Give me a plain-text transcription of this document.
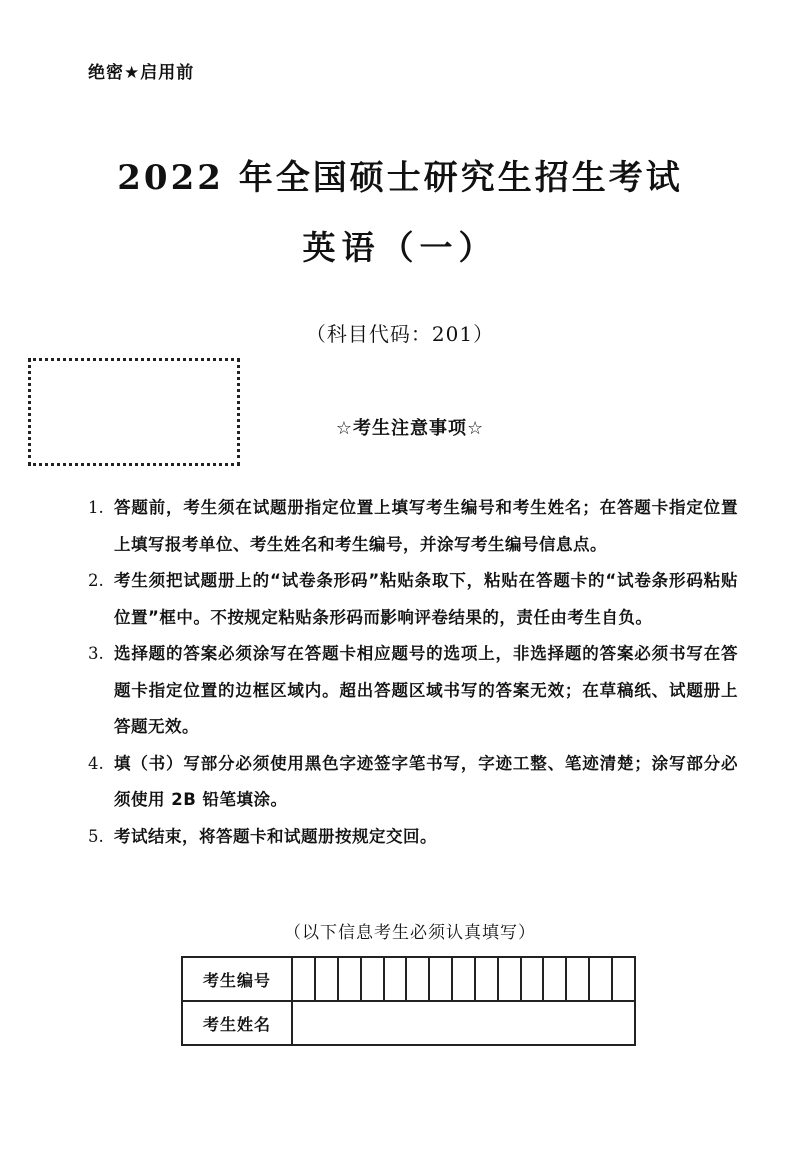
绝密★启用前
2022 年全国硕士研究生招生考试
英语（一）
（科目代码：201）
☆考生注意事项☆
1. 答题前，考生须在试题册指定位置上填写考生编号和考生姓名；在答题卡指定位置上填写报考单位、考生姓名和考生编号，并涂写考生编号信息点。
2. 考生须把试题册上的“试卷条形码”粘贴条取下，粘贴在答题卡的“试卷条形码粘贴位置”框中。不按规定粘贴条形码而影响评卷结果的，责任由考生自负。
3. 选择题的答案必须涂写在答题卡相应题号的选项上，非选择题的答案必须书写在答题卡指定位置的边框区域内。超出答题区域书写的答案无效；在草稿纸、试题册上答题无效。
4. 填（书）写部分必须使用黑色字迹签字笔书写，字迹工整、笔迹清楚；涂写部分必须使用 2B 铅笔填涂。
5. 考试结束，将答题卡和试题册按规定交回。
（以下信息考生必须认真填写）
考生编号															
考生姓名															
